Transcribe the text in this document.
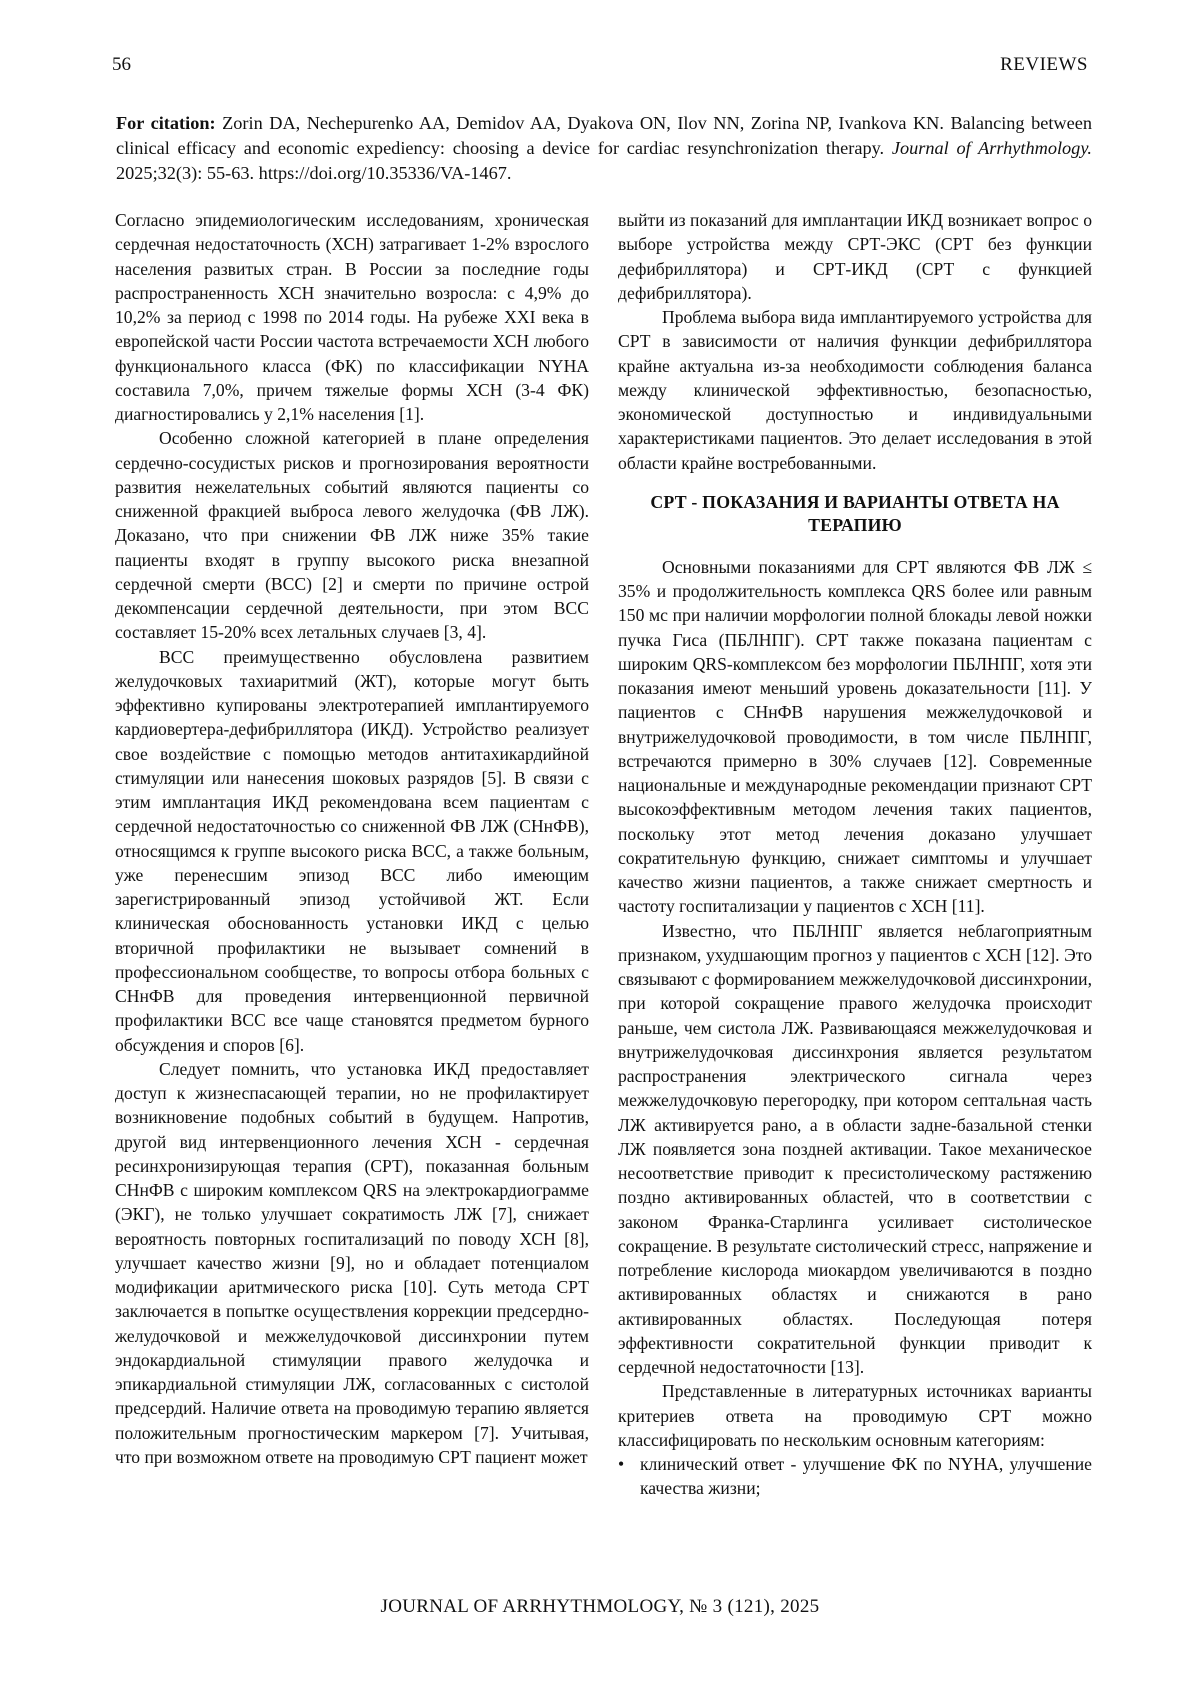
56	REVIEWS
For citation: Zorin DA, Nechepurenko AA, Demidov AA, Dyakova ON, Ilov NN, Zorina NP, Ivankova KN. Balancing between clinical efficacy and economic expediency: choosing a device for cardiac resynchronization therapy. Journal of Arrhythmology. 2025;32(3): 55-63. https://doi.org/10.35336/VA-1467.

Согласно эпидемиологическим исследованиям, хроническая сердечная недостаточность (ХСН) затрагивает 1-2% взрослого населения развитых стран. В России за последние годы распространенность ХСН значительно возросла: с 4,9% до 10,2% за период с 1998 по 2014 годы. На рубеже XXI века в европейской части России частота встречаемости ХСН любого функционального класса (ФК) по классификации NYHA составила 7,0%, причем тяжелые формы ХСН (3-4 ФК) диагностировались у 2,1% населения [1].

Особенно сложной категорией в плане определения сердечно-сосудистых рисков и прогнозирования вероятности развития нежелательных событий являются пациенты со сниженной фракцией выброса левого желудочка (ФВ ЛЖ). Доказано, что при снижении ФВ ЛЖ ниже 35% такие пациенты входят в группу высокого риска внезапной сердечной смерти (ВСС) [2] и смерти по причине острой декомпенсации сердечной деятельности, при этом ВСС составляет 15-20% всех летальных случаев [3, 4].

ВСС преимущественно обусловлена развитием желудочковых тахиаритмий (ЖТ), которые могут быть эффективно купированы электротерапией имплантируемого кардиовертера-дефибриллятора (ИКД). Устройство реализует свое воздействие с помощью методов антитахикардийной стимуляции или нанесения шоковых разрядов [5]. В связи с этим имплантация ИКД рекомендована всем пациентам с сердечной недостаточностью со сниженной ФВ ЛЖ (СНнФВ), относящимся к группе высокого риска ВСС, а также больным, уже перенесшим эпизод ВСС либо имеющим зарегистрированный эпизод устойчивой ЖТ. Если клиническая обоснованность установки ИКД с целью вторичной профилактики не вызывает сомнений в профессиональном сообществе, то вопросы отбора больных с СНнФВ для проведения интервенционной первичной профилактики ВСС все чаще становятся предметом бурного обсуждения и споров [6].

Следует помнить, что установка ИКД предоставляет доступ к жизнеспасающей терапии, но не профилактирует возникновение подобных событий в будущем. Напротив, другой вид интервенционного лечения ХСН - сердечная ресинхронизирующая терапия (СРТ), показанная больным СНнФВ с широким комплексом QRS на электрокардиограмме (ЭКГ), не только улучшает сократимость ЛЖ [7], снижает вероятность повторных госпитализаций по поводу ХСН [8], улучшает качество жизни [9], но и обладает потенциалом модификации аритмического риска [10]. Суть метода СРТ заключается в попытке осуществления коррекции предсердно-желудочковой и межжелудочковой диссинхронии путем эндокардиальной стимуляции правого желудочка и эпикардиальной стимуляции ЛЖ, согласованных с систолой предсердий. Наличие ответа на проводимую терапию является положительным прогностическим маркером [7]. Учитывая, что при возможном ответе на проводимую СРТ пациент может

выйти из показаний для имплантации ИКД возникает вопрос о выборе устройства между СРТ-ЭКС (СРТ без функции дефибриллятора) и СРТ-ИКД (СРТ с функцией дефибриллятора).

Проблема выбора вида имплантируемого устройства для СРТ в зависимости от наличия функции дефибриллятора крайне актуальна из-за необходимости соблюдения баланса между клинической эффективностью, безопасностью, экономической доступностью и индивидуальными характеристиками пациентов. Это делает исследования в этой области крайне востребованными.

СРТ - ПОКАЗАНИЯ И ВАРИАНТЫ ОТВЕТА НА ТЕРАПИЮ

Основными показаниями для СРТ являются ФВ ЛЖ ≤ 35% и продолжительность комплекса QRS более или равным 150 мс при наличии морфологии полной блокады левой ножки пучка Гиса (ПБЛНПГ). СРТ также показана пациентам с широким QRS-комплексом без морфологии ПБЛНПГ, хотя эти показания имеют меньший уровень доказательности [11]. У пациентов с СНнФВ нарушения межжелудочковой и внутрижелудочковой проводимости, в том числе ПБЛНПГ, встречаются примерно в 30% случаев [12]. Современные национальные и международные рекомендации признают СРТ высокоэффективным методом лечения таких пациентов, поскольку этот метод лечения доказано улучшает сократительную функцию, снижает симптомы и улучшает качество жизни пациентов, а также снижает смертность и частоту госпитализации у пациентов с ХСН [11].

Известно, что ПБЛНПГ является неблагоприятным признаком, ухудшающим прогноз у пациентов с ХСН [12]. Это связывают с формированием межжелудочковой диссинхронии, при которой сокращение правого желудочка происходит раньше, чем систола ЛЖ. Развивающаяся межжелудочковая и внутрижелудочковая диссинхрония является результатом распространения электрического сигнала через межжелудочковую перегородку, при котором септальная часть ЛЖ активируется рано, а в области задне-базальной стенки ЛЖ появляется зона поздней активации. Такое механическое несоответствие приводит к пресистолическому растяжению поздно активированных областей, что в соответствии с законом Франка-Старлинга усиливает систолическое сокращение. В результате систолический стресс, напряжение и потребление кислорода миокардом увеличиваются в поздно активированных областях и снижаются в рано активированных областях. Последующая потеря эффективности сократительной функции приводит к сердечной недостаточности [13].

Представленные в литературных источниках варианты критериев ответа на проводимую СРТ можно классифицировать по нескольким основным категориям:

• клинический ответ - улучшение ФК по NYHA, улучшение качества жизни;
JOURNAL OF ARRHYTHMOLOGY, № 3 (121), 2025
